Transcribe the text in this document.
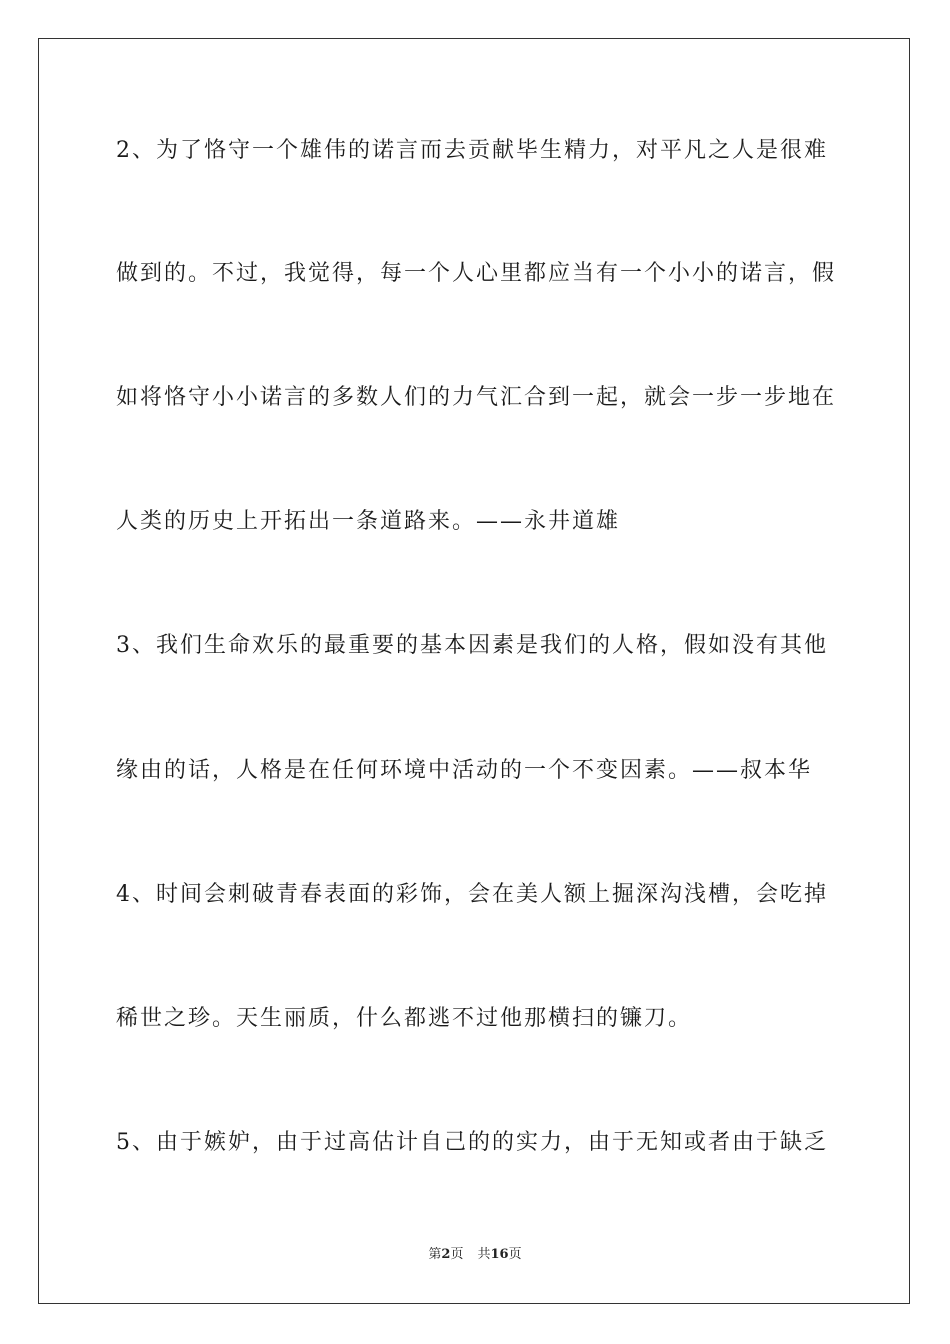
2、为了恪守一个雄伟的诺言而去贡献毕生精力，对平凡之人是很难
做到的。不过，我觉得，每一个人心里都应当有一个小小的诺言，假
如将恪守小小诺言的多数人们的力气汇合到一起，就会一步一步地在
人类的历史上开拓出一条道路来。——永井道雄
3、我们生命欢乐的最重要的基本因素是我们的人格，假如没有其他
缘由的话，人格是在任何环境中活动的一个不变因素。——叔本华
4、时间会刺破青春表面的彩饰，会在美人额上掘深沟浅槽，会吃掉
稀世之珍。天生丽质，什么都逃不过他那横扫的镰刀。
5、由于嫉妒，由于过高估计自己的的实力，由于无知或者由于缺乏
第2页 共16页
